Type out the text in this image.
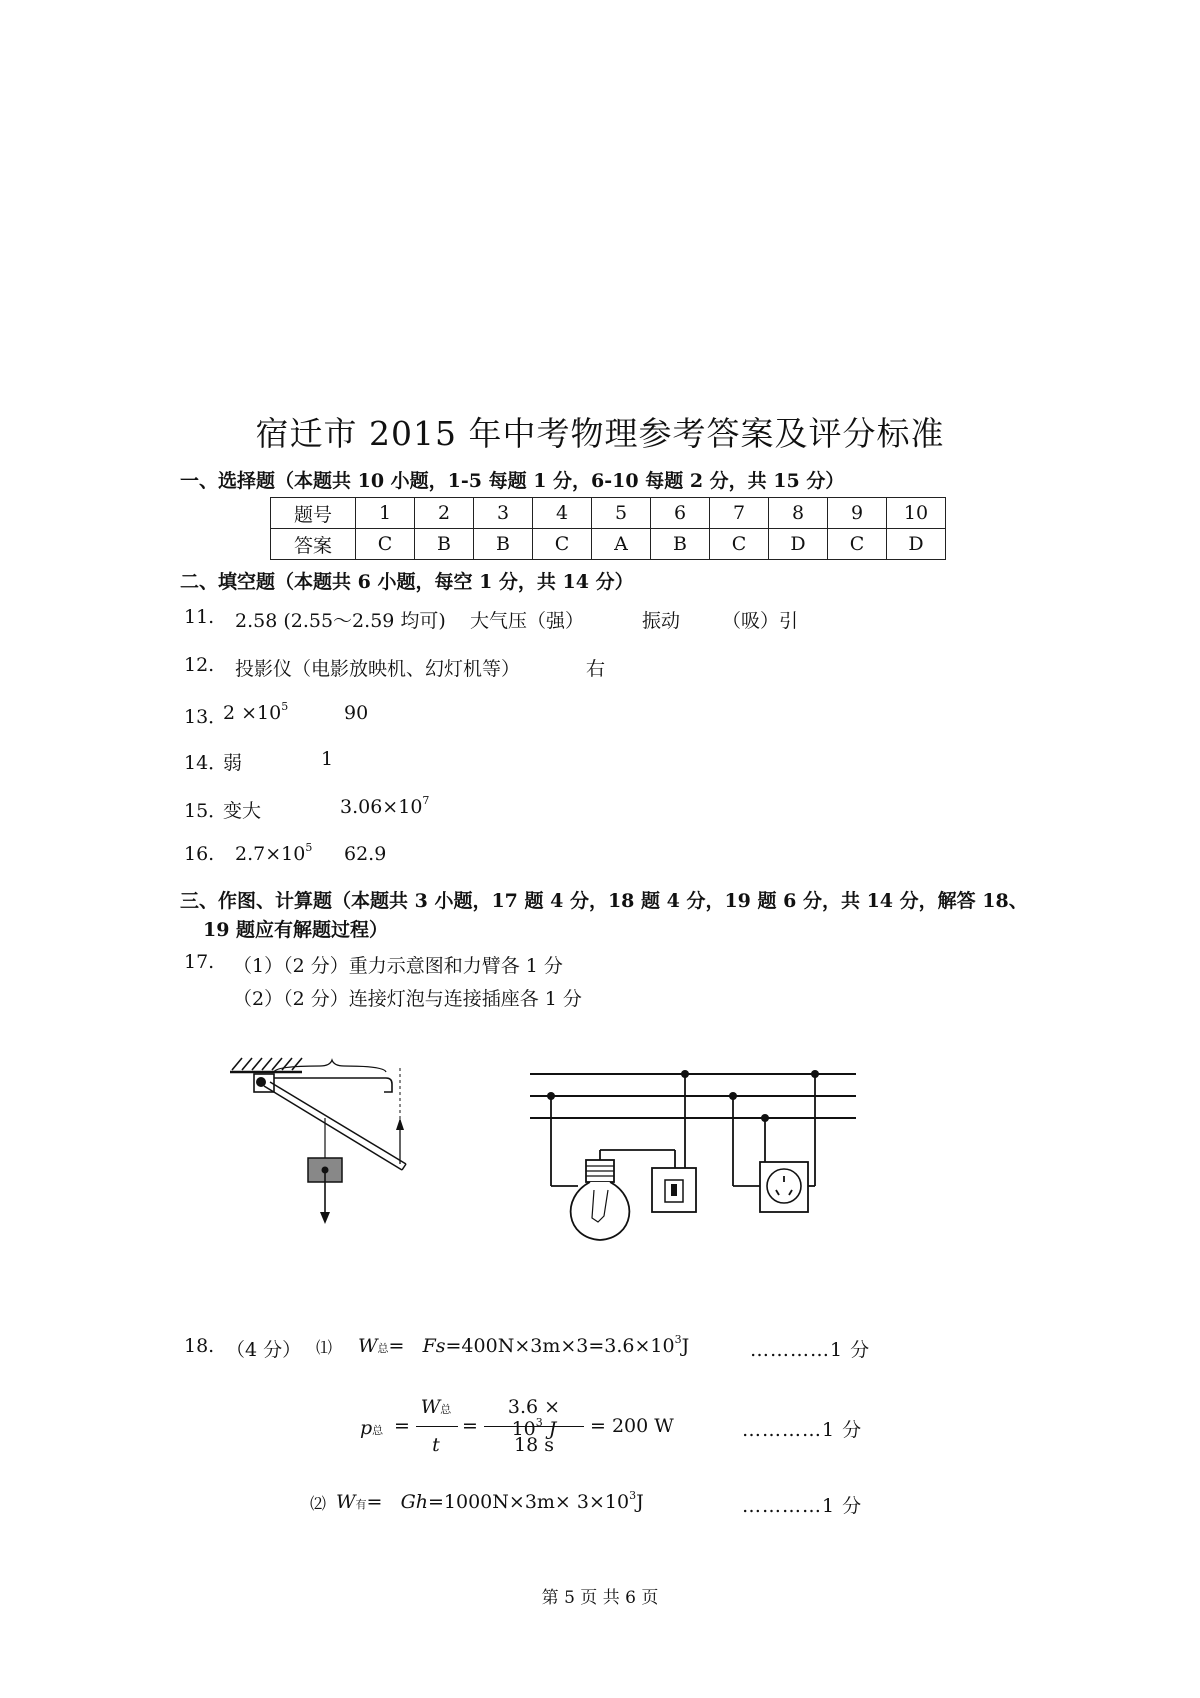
宿迁市 2015 年中考物理参考答案及评分标准
一、选择题（本题共 10 小题，1-5 每题 1 分，6-10 每题 2 分，共 15 分）
题号	1	2	3	4	5	6	7	8	9	10
答案	C	B	B	C	A	B	C	D	C	D
二、填空题（本题共 6 小题，每空 1 分，共 14 分）
11. 2.58 (2.55～2.59 均可) 大气压（强）	振动 （吸）引
12. 投影仪（电影放映机、幻灯机等）	右
13．
$2 \times 10^5$	90
14．
弱	1
15．
变大	$3.06\times 10^7$
16. $2.7\times 10^5$ 62.9
三、作图、计算题（本题共 3 小题，17 题 4 分，18 题 4 分，19 题 6 分，共 14 分，解答 18、
19 题应有解题过程）
17. （1）（2 分）重力示意图和力臂各 1 分
（2）（2 分）连接灯泡与连接插座各 1 分
18. （4 分） ⑴ W总= $Fs=400N\times 3m\times 3=3.6\times 10^3J$	…………1 分
p总 =
W总
t
=
$3.6 \times 10^3$ J
18 s
= 200 W	…………1 分
⑵ W有= $Gh=1000N\times 3m\times 3\times 10^3J$	…………1 分
第 5 页 共 6 页
